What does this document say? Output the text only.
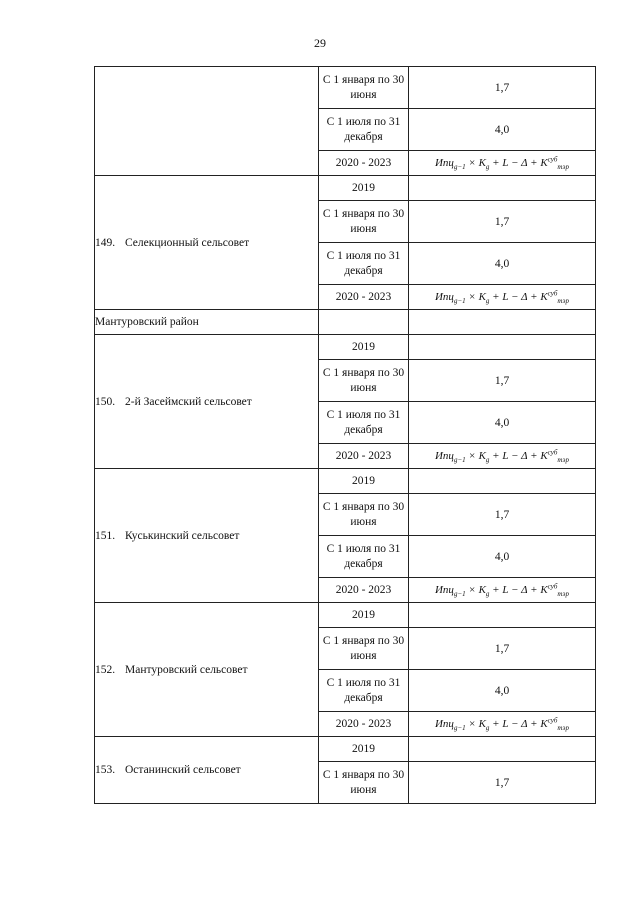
29
	С 1 января по 30 июня	1,7
	С 1 июля по 31 декабря	4,0
	2020 - 2023	$Ипц_{g-1} \times К_g + L - \Delta + К^{суб}_{тэр}$
149. Селекционный сельсовет	2019	
	С 1 января по 30 июня	1,7
	С 1 июля по 31 декабря	4,0
	2020 - 2023	$Ипц_{g-1} \times К_g + L - \Delta + К^{суб}_{тэр}$
Мантуровский район		
150. 2-й Засеймский сельсовет	2019	
	С 1 января по 30 июня	1,7
	С 1 июля по 31 декабря	4,0
	2020 - 2023	$Ипц_{g-1} \times К_g + L - \Delta + К^{суб}_{тэр}$
151. Куськинский сельсовет	2019	
	С 1 января по 30 июня	1,7
	С 1 июля по 31 декабря	4,0
	2020 - 2023	$Ипц_{g-1} \times К_g + L - \Delta + К^{суб}_{тэр}$
152. Мантуровский сельсовет	2019	
	С 1 января по 30 июня	1,7
	С 1 июля по 31 декабря	4,0
	2020 - 2023	$Ипц_{g-1} \times К_g + L - \Delta + К^{суб}_{тэр}$
153. Останинский сельсовет	2019	
	С 1 января по 30 июня	1,7
